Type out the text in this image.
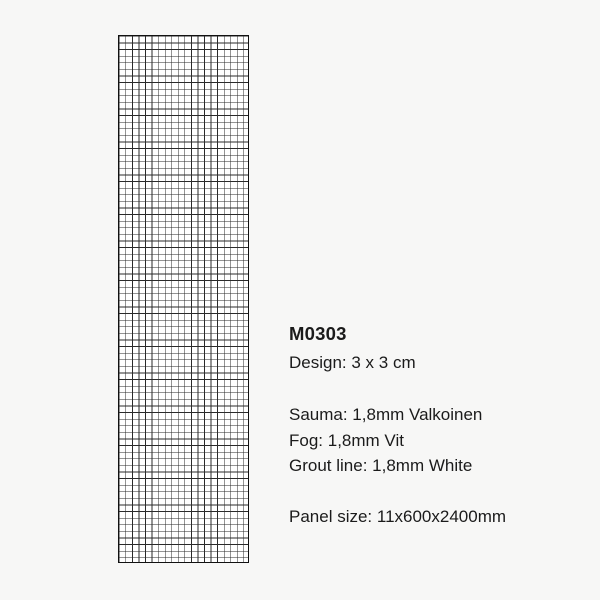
M0303

Design: 3 x 3 cm

Sauma: 1,8mm Valkoinen

Fog: 1,8mm Vit

Grout line: 1,8mm White

Panel size: 11x600x2400mm
